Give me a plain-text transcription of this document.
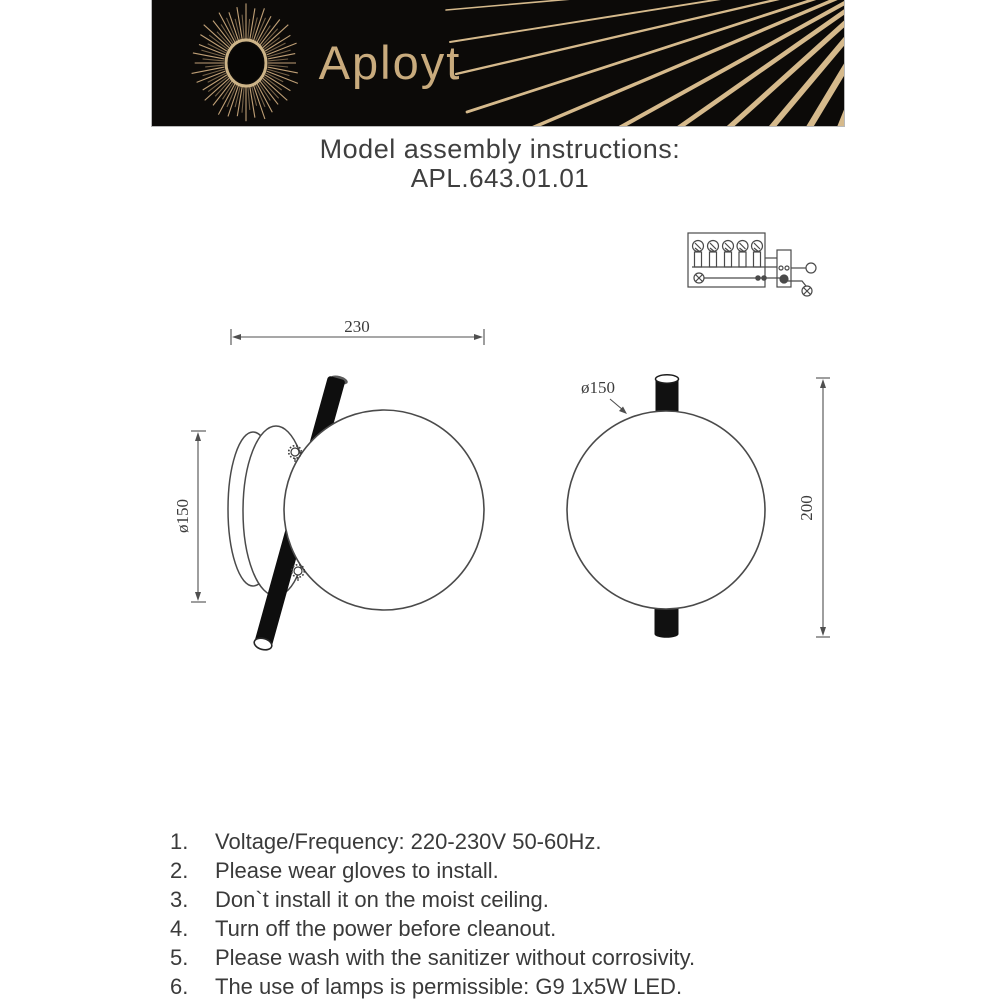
Aployt
Model assembly instructions:
APL.643.01.01
230
ø150
ø150
200
1.	Voltage/Frequency: 220-230V 50-60Hz.
2.	Please wear gloves to install.
3.	Don`t install it on the moist ceiling.
4.	Turn off the power before cleanout.
5.	Please wash with the sanitizer without corrosivity.
6.	The use of lamps is permissible: G9 1x5W LED.
